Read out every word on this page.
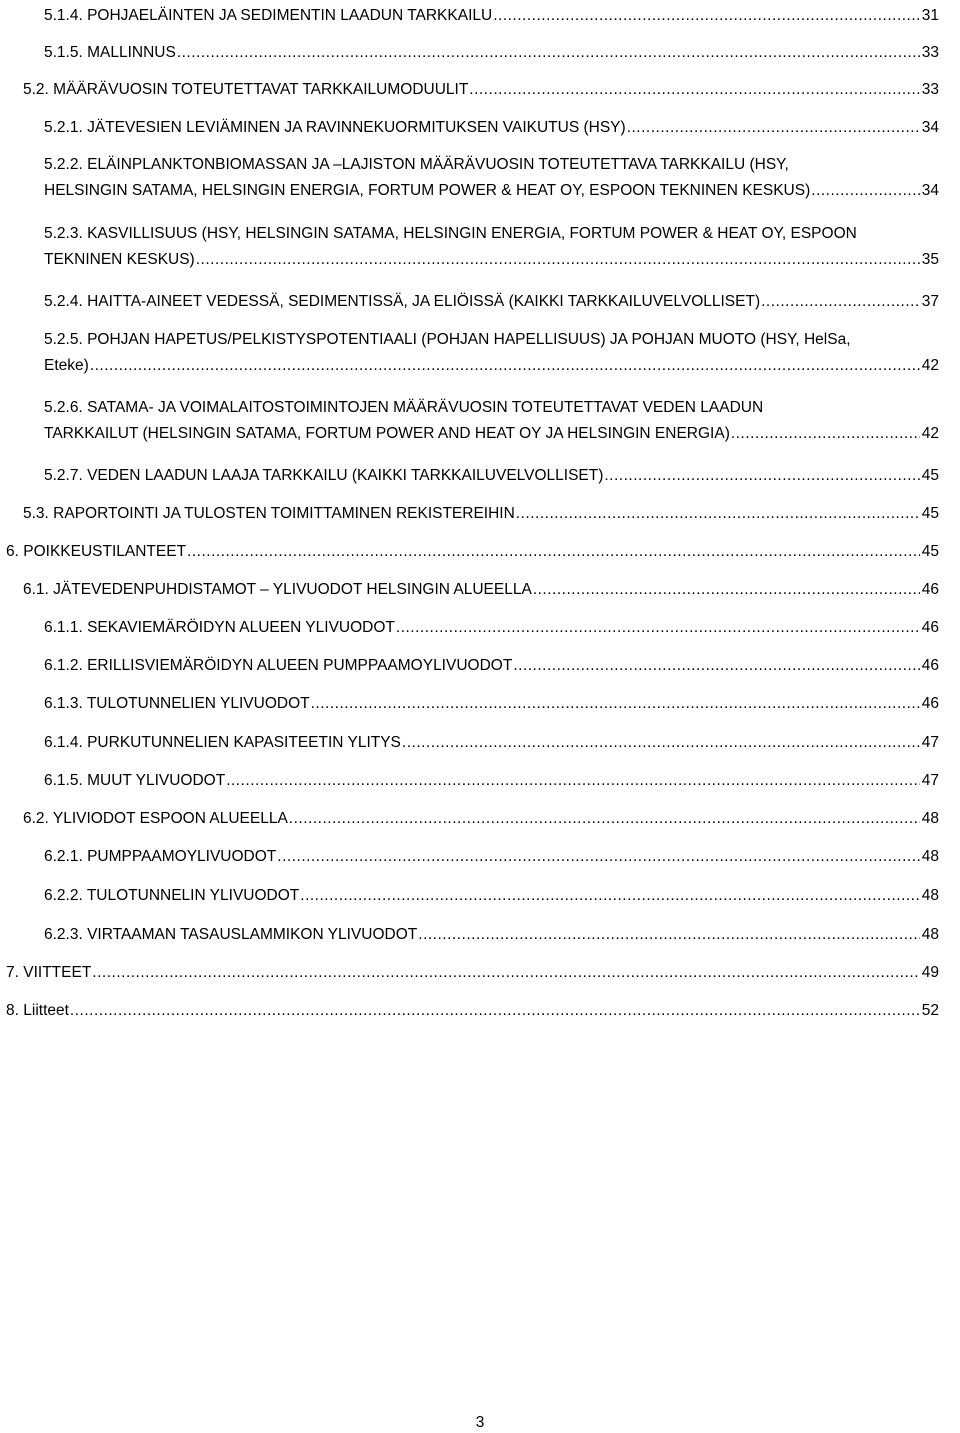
5.1.4. POHJAELÄINTEN JA SEDIMENTIN LAADUN TARKKAILU .....	31
5.1.5. MALLINNUS .....	33
5.2. MÄÄRÄVUOSIN TOTEUTETTAVAT TARKKAILUMODUULIT .....	33
5.2.1. JÄTEVESIEN LEVIÄMINEN JA RAVINNEKUORMITUKSEN VAIKUTUS (HSY) .....	34
5.2.2. ELÄINPLANKTONBIOMASSAN JA –LAJISTON MÄÄRÄVUOSIN TOTEUTETTAVA TARKKAILU (HSY,
HELSINGIN SATAMA, HELSINGIN ENERGIA, FORTUM POWER & HEAT OY, ESPOON TEKNINEN KESKUS) .....	34
5.2.3. KASVILLISUUS (HSY, HELSINGIN SATAMA, HELSINGIN ENERGIA, FORTUM POWER & HEAT OY, ESPOON
TEKNINEN KESKUS) .....	35
5.2.4. HAITTA-AINEET VEDESSÄ, SEDIMENTISSÄ, JA ELIÖISSÄ (KAIKKI TARKKAILUVELVOLLISET) .....	37
5.2.5. POHJAN HAPETUS/PELKISTYSPOTENTIAALI (POHJAN HAPELLISUUS) JA POHJAN MUOTO (HSY, HelSa,
Eteke) .....	42
5.2.6. SATAMA- JA VOIMALAITOSTOIMINTOJEN MÄÄRÄVUOSIN TOTEUTETTAVAT VEDEN LAADUN
TARKKAILUT (HELSINGIN SATAMA, FORTUM POWER AND HEAT OY JA HELSINGIN ENERGIA) .....	42
5.2.7. VEDEN LAADUN LAAJA TARKKAILU (KAIKKI TARKKAILUVELVOLLISET) .....	45
5.3. RAPORTOINTI JA TULOSTEN TOIMITTAMINEN REKISTEREIHIN .....	45
6. POIKKEUSTILANTEET .....	45
6.1. JÄTEVEDENPUHDISTAMOT – YLIVUODOT HELSINGIN ALUEELLA .....	46
6.1.1. SEKAVIEMÄRÖIDYN ALUEEN YLIVUODOT .....	46
6.1.2. ERILLISVIEMÄRÖIDYN ALUEEN PUMPPAAMOYLIVUODOT .....	46
6.1.3. TULOTUNNELIEN YLIVUODOT .....	46
6.1.4. PURKUTUNNELIEN KAPASITEETIN YLITYS .....	47
6.1.5. MUUT YLIVUODOT .....	47
6.2. YLIVIODOT ESPOON ALUEELLA .....	48
6.2.1. PUMPPAAMOYLIVUODOT .....	48
6.2.2. TULOTUNNELIN YLIVUODOT .....	48
6.2.3. VIRTAAMAN TASAUSLAMMIKON YLIVUODOT .....	48
7. VIITTEET .....	49
8. Liitteet .....	52
3
